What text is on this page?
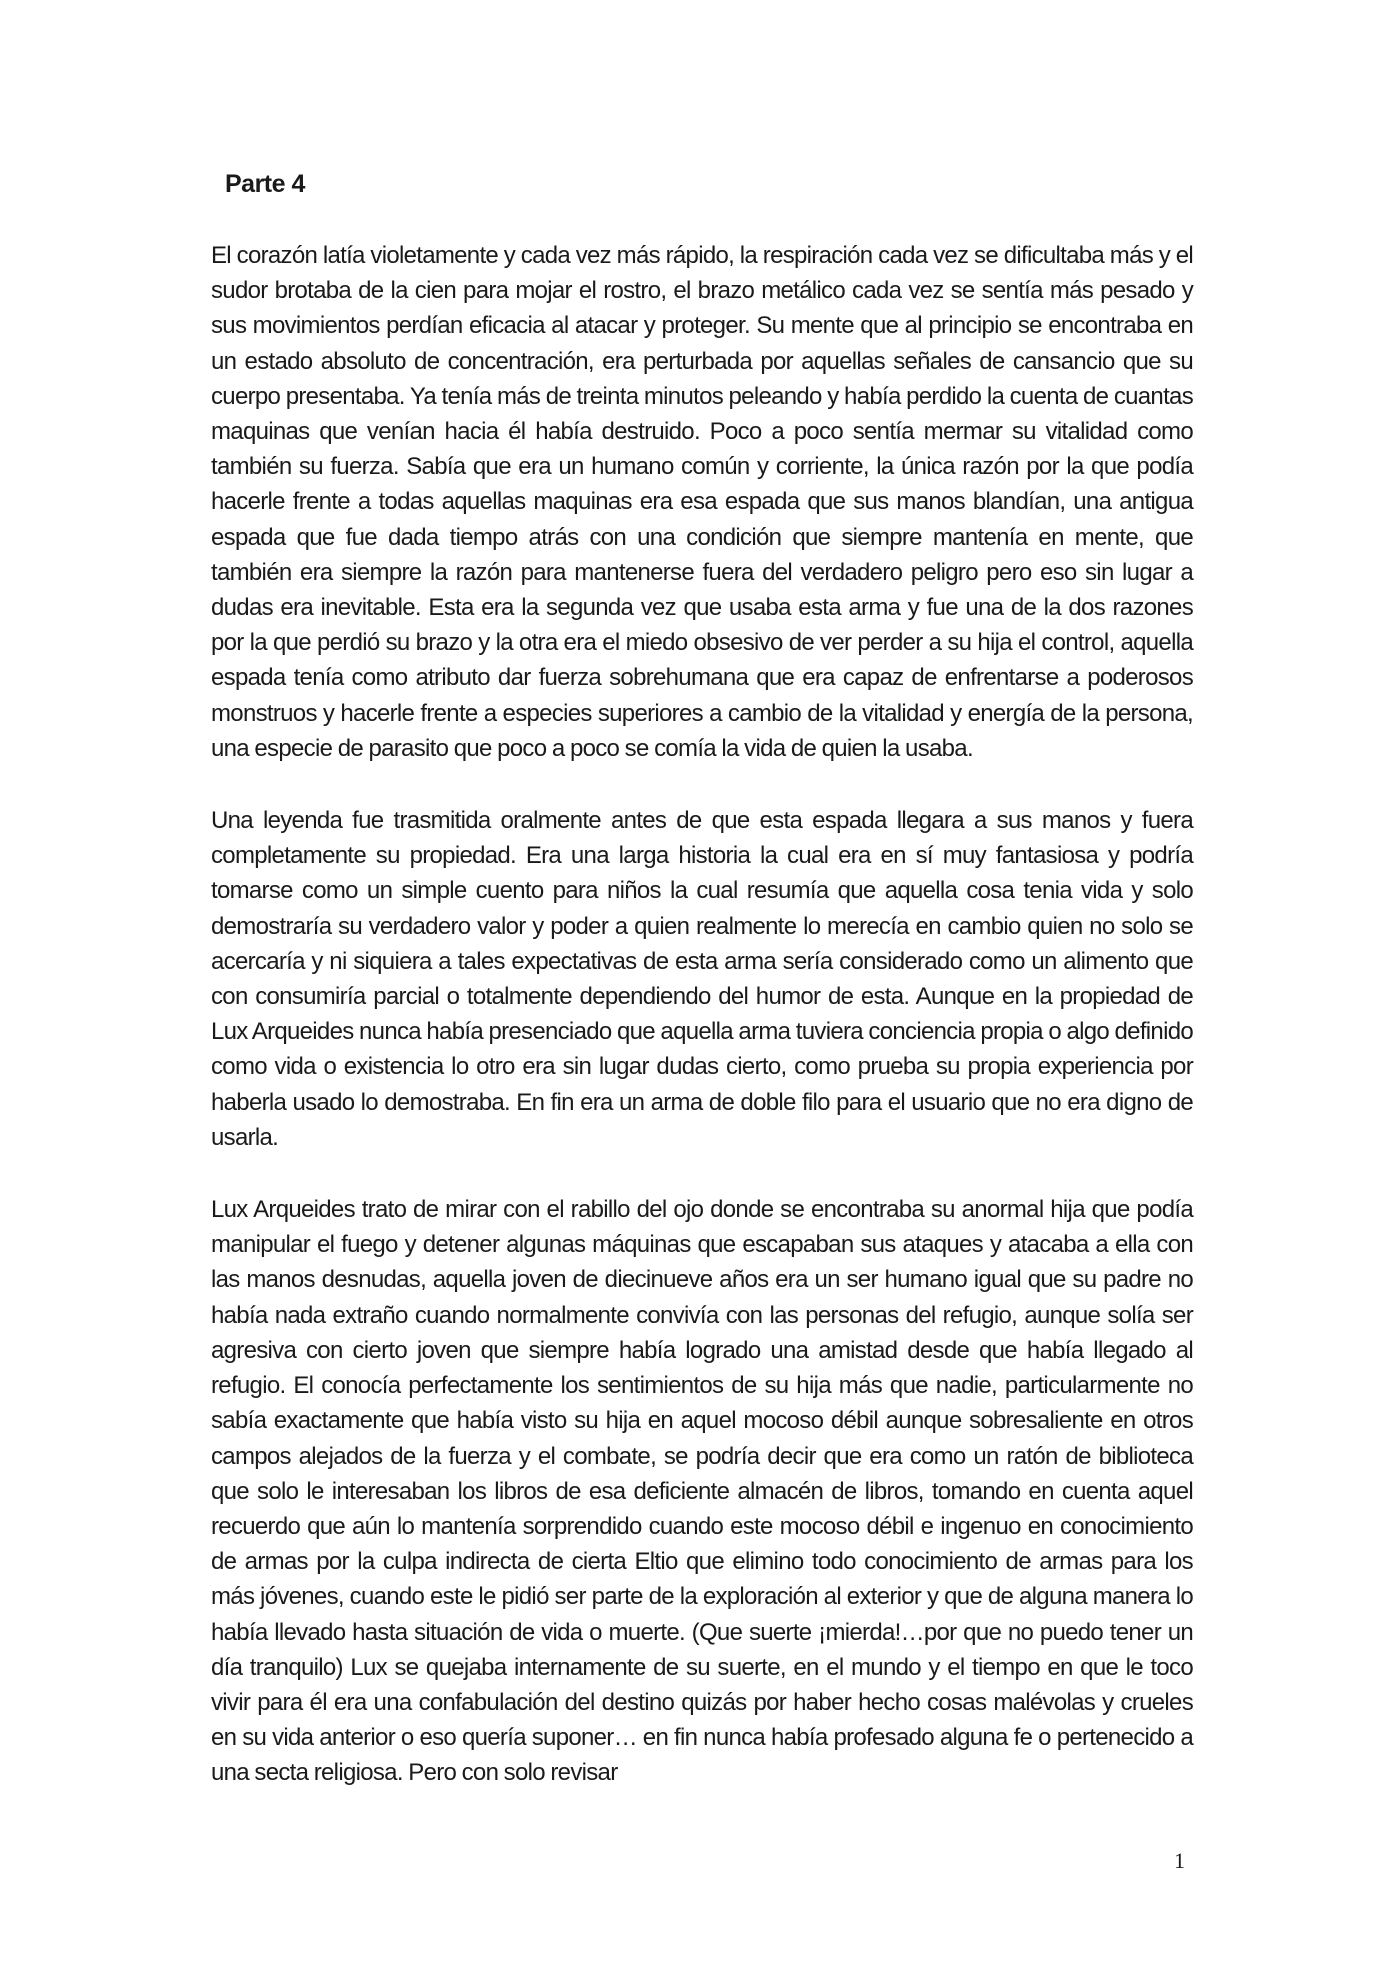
Parte 4

El corazón latía violetamente y cada vez más rápido, la respiración cada vez se dificultaba más y el sudor brotaba de la cien para mojar el rostro, el brazo metálico cada vez se sentía más pesado y sus movimientos perdían eficacia al atacar y proteger. Su mente que al principio se encontraba en un estado absoluto de concentración, era perturbada por aquellas señales de cansancio que su cuerpo presentaba. Ya tenía más de treinta minutos peleando y había perdido la cuenta de cuantas maquinas que venían hacia él había destruido. Poco a poco sentía mermar su vitalidad como también su fuerza. Sabía que era un humano común y corriente, la única razón por la que podía hacerle frente a todas aquellas maquinas era esa espada que sus manos blandían, una antigua espada que fue dada tiempo atrás con una condición que siempre mantenía en mente, que también era siempre la razón para mantenerse fuera del verdadero peligro pero eso sin lugar a dudas era inevitable. Esta era la segunda vez que usaba esta arma y fue una de la dos razones por la que perdió su brazo y la otra era el miedo obsesivo de ver perder a su hija el control, aquella espada tenía como atributo dar fuerza sobrehumana que era capaz de enfrentarse a poderosos monstruos y hacerle frente a especies superiores a cambio de la vitalidad y energía de la persona, una especie de parasito que poco a poco se comía la vida de quien la usaba.

Una leyenda fue trasmitida oralmente antes de que esta espada llegara a sus manos y fuera completamente su propiedad. Era una larga historia la cual era en sí muy fantasiosa y podría tomarse como un simple cuento para niños la cual resumía que aquella cosa tenia vida y solo demostraría su verdadero valor y poder a quien realmente lo merecía en cambio quien no solo se acercaría y ni siquiera a tales expectativas de esta arma sería considerado como un alimento que con consumiría parcial o totalmente dependiendo del humor de esta. Aunque en la propiedad de Lux Arqueides nunca había presenciado que aquella arma tuviera conciencia propia o algo definido como vida o existencia lo otro era sin lugar dudas cierto, como prueba su propia experiencia por haberla usado lo demostraba. En fin era un arma de doble filo para el usuario que no era digno de usarla.

Lux Arqueides trato de mirar con el rabillo del ojo donde se encontraba su anormal hija que podía manipular el fuego y detener algunas máquinas que escapaban sus ataques y atacaba a ella con las manos desnudas, aquella joven de diecinueve años era un ser humano igual que su padre no había nada extraño cuando normalmente convivía con las personas del refugio, aunque solía ser agresiva con cierto joven que siempre había logrado una amistad desde que había llegado al refugio. El conocía perfectamente los sentimientos de su hija más que nadie, particularmente no sabía exactamente que había visto su hija en aquel mocoso débil aunque sobresaliente en otros campos alejados de la fuerza y el combate, se podría decir que era como un ratón de biblioteca que solo le interesaban los libros de esa deficiente almacén de libros, tomando en cuenta aquel recuerdo que aún lo mantenía sorprendido cuando este mocoso débil e ingenuo en conocimiento de armas por la culpa indirecta de cierta Eltio que elimino todo conocimiento de armas para los más jóvenes, cuando este le pidió ser parte de la exploración al exterior y que de alguna manera lo había llevado hasta situación de vida o muerte. (Que suerte ¡mierda!…por que no puedo tener un día tranquilo) Lux se quejaba internamente de su suerte, en el mundo y el tiempo en que le toco vivir para él era una confabulación del destino quizás por haber hecho cosas malévolas y crueles en su vida anterior o eso quería suponer… en fin nunca había profesado alguna fe o pertenecido a una secta religiosa. Pero con solo revisar

1
